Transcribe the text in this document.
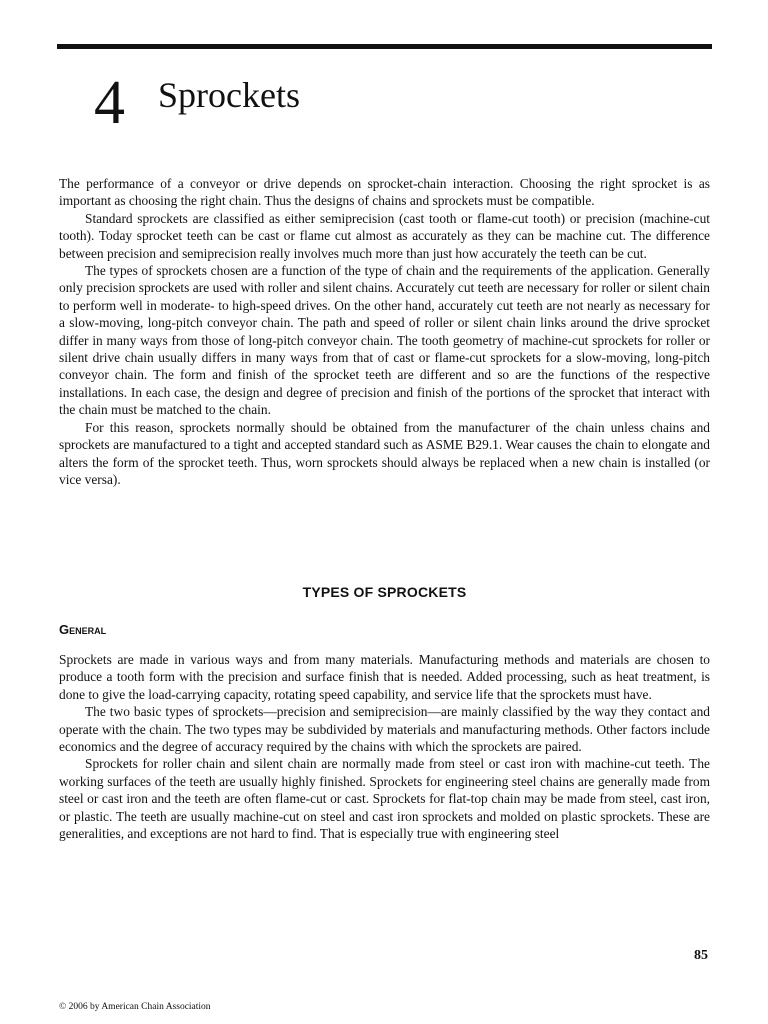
4 Sprockets

The performance of a conveyor or drive depends on sprocket-chain interaction. Choosing the right sprocket is as important as choosing the right chain. Thus the designs of chains and sprockets must be compatible.

Standard sprockets are classified as either semiprecision (cast tooth or flame-cut tooth) or precision (machine-cut tooth). Today sprocket teeth can be cast or flame cut almost as accurately as they can be machine cut. The difference between precision and semiprecision really involves much more than just how accurately the teeth can be cut.

The types of sprockets chosen are a function of the type of chain and the requirements of the application. Generally only precision sprockets are used with roller and silent chains. Accurately cut teeth are necessary for roller or silent chain to perform well in moderate- to high-speed drives. On the other hand, accurately cut teeth are not nearly as necessary for a slow-moving, long-pitch conveyor chain. The path and speed of roller or silent chain links around the drive sprocket differ in many ways from those of long-pitch conveyor chain. The tooth geometry of machine-cut sprockets for roller or silent drive chain usually differs in many ways from that of cast or flame-cut sprockets for a slow-moving, long-pitch conveyor chain. The form and finish of the sprocket teeth are different and so are the functions of the respective installations. In each case, the design and degree of precision and finish of the portions of the sprocket that interact with the chain must be matched to the chain.

For this reason, sprockets normally should be obtained from the manufacturer of the chain unless chains and sprockets are manufactured to a tight and accepted standard such as ASME B29.1. Wear causes the chain to elongate and alters the form of the sprocket teeth. Thus, worn sprockets should always be replaced when a new chain is installed (or vice versa).

TYPES OF SPROCKETS
General

Sprockets are made in various ways and from many materials. Manufacturing methods and materials are chosen to produce a tooth form with the precision and surface finish that is needed. Added processing, such as heat treatment, is done to give the load-carrying capacity, rotating speed capability, and service life that the sprockets must have.

The two basic types of sprockets—precision and semiprecision—are mainly classified by the way they contact and operate with the chain. The two types may be subdivided by materials and manufacturing methods. Other factors include economics and the degree of accuracy required by the chains with which the sprockets are paired.

Sprockets for roller chain and silent chain are normally made from steel or cast iron with machine-cut teeth. The working surfaces of the teeth are usually highly finished. Sprockets for engineering steel chains are generally made from steel or cast iron and the teeth are often flame-cut or cast. Sprockets for flat-top chain may be made from steel, cast iron, or plastic. The teeth are usually machine-cut on steel and cast iron sprockets and molded on plastic sprockets. These are generalities, and exceptions are not hard to find. That is especially true with engineering steel

85
© 2006 by American Chain Association
